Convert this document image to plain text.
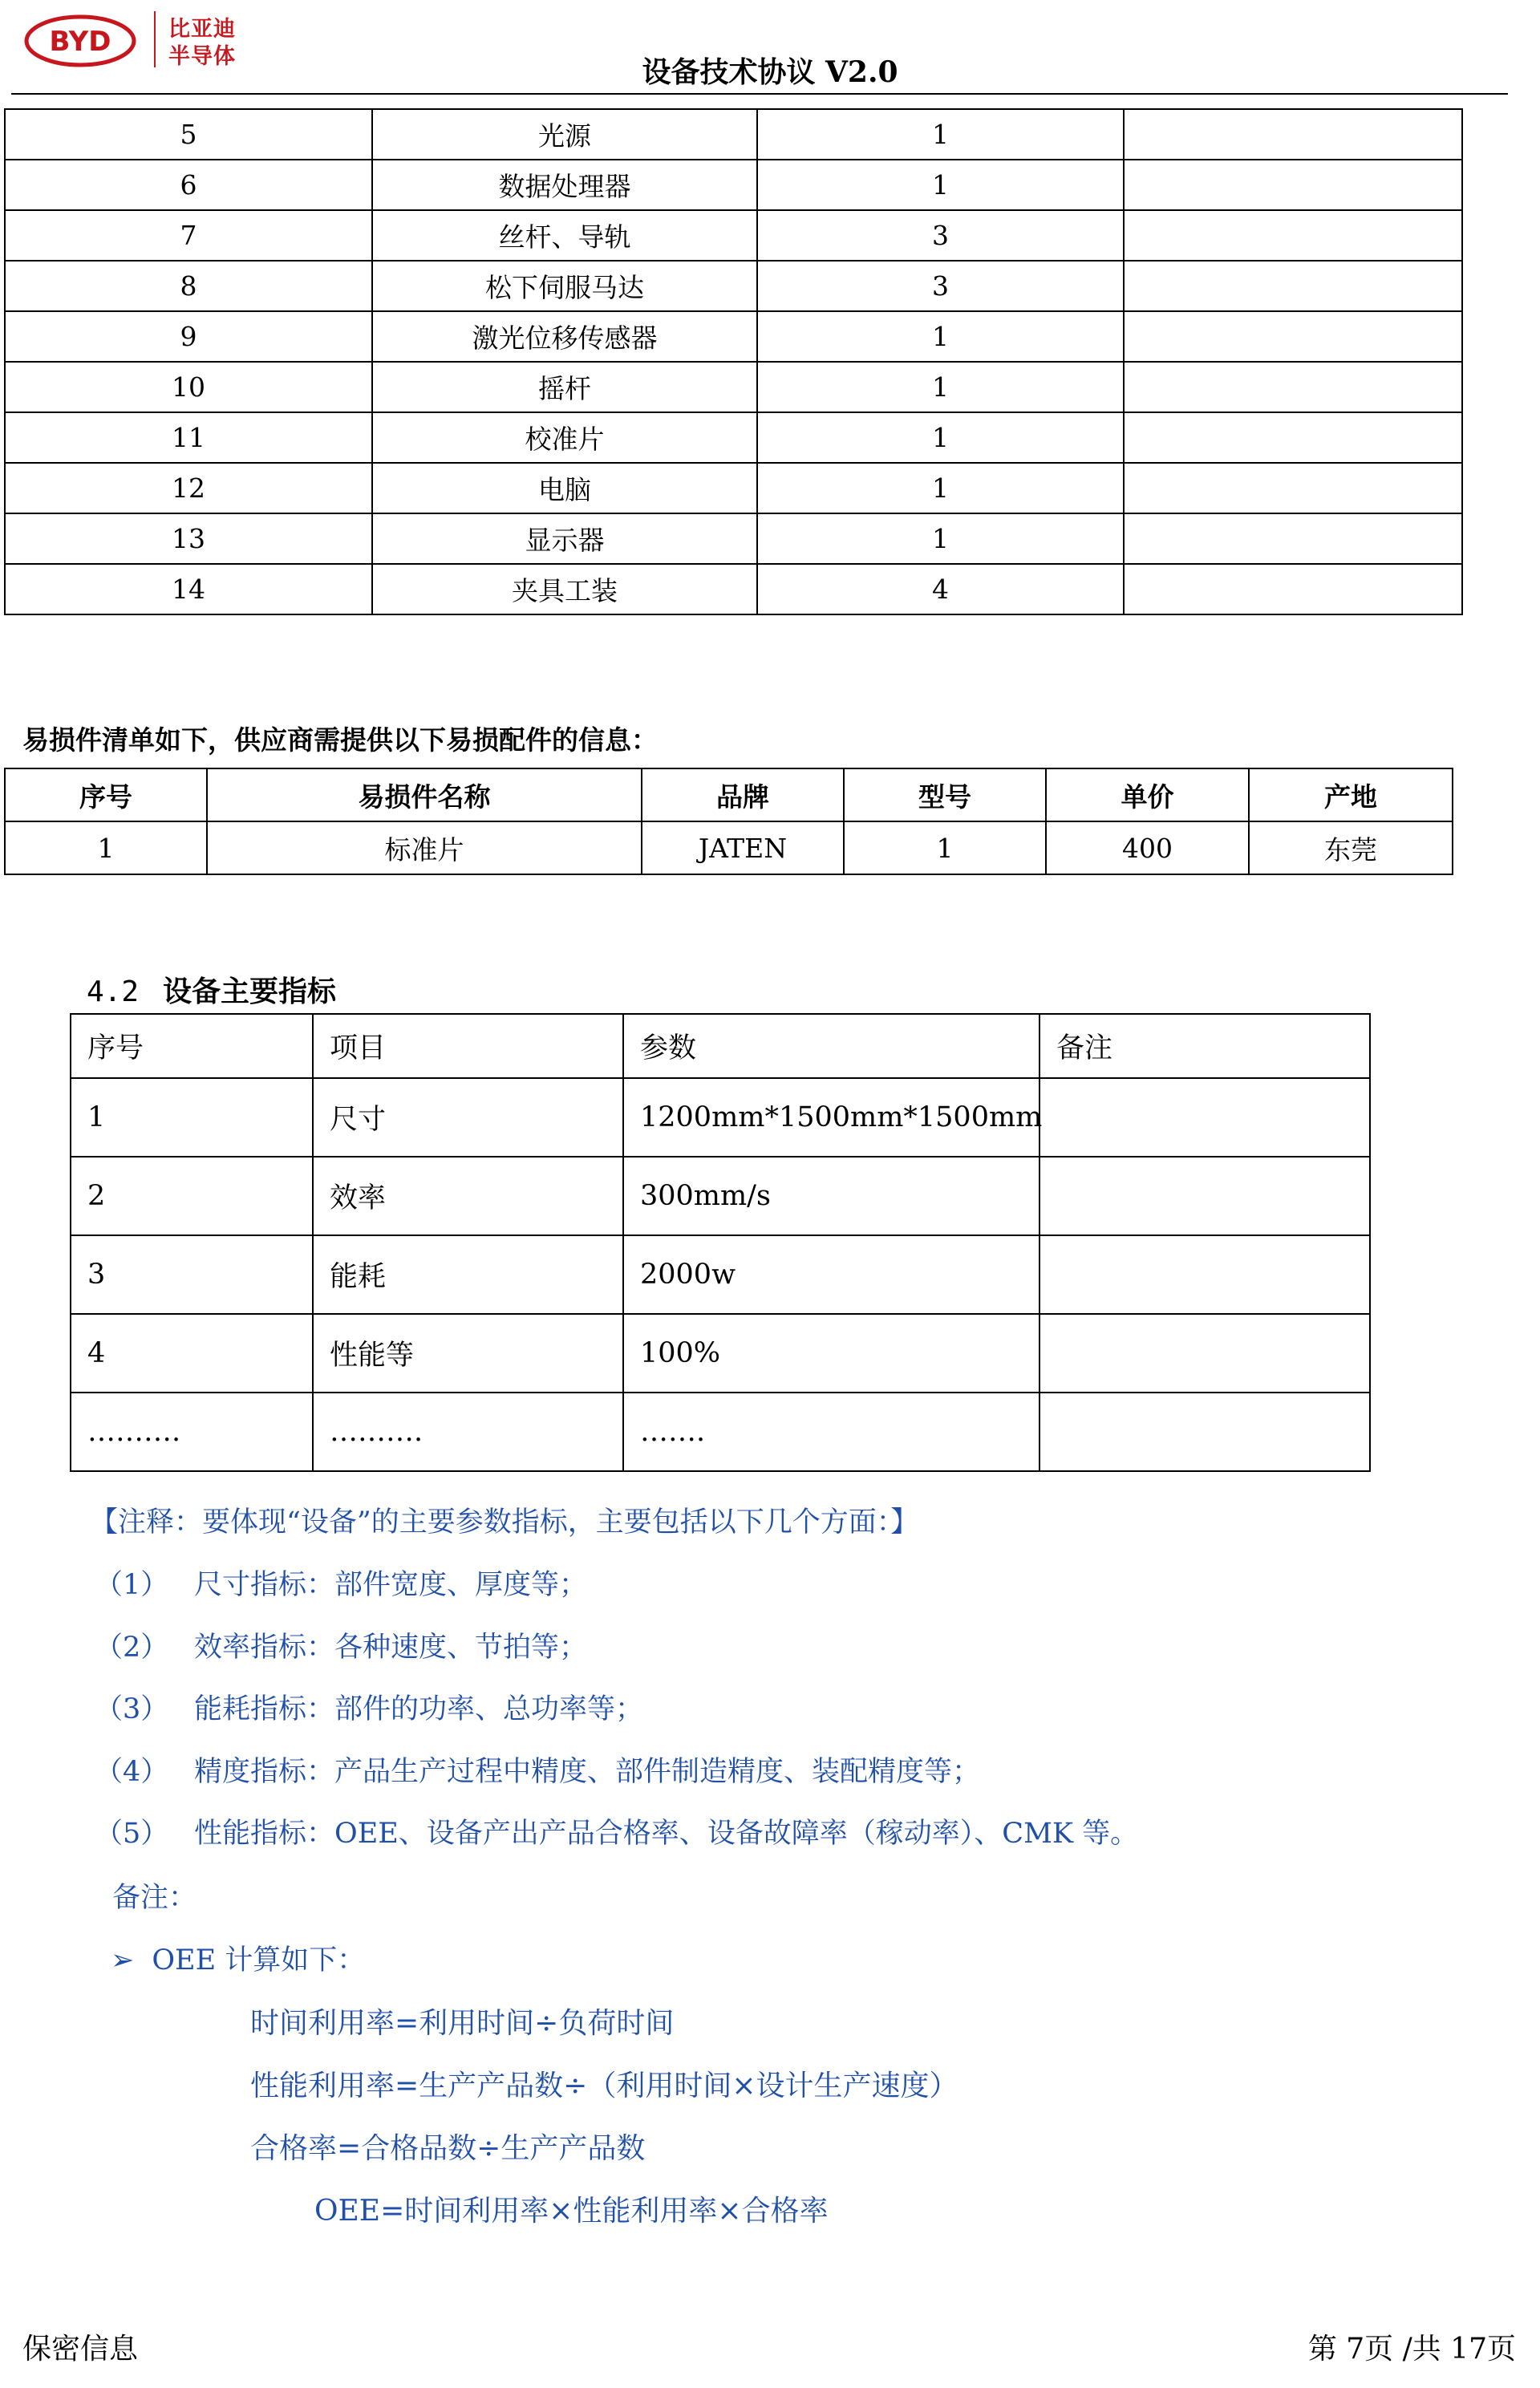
BYD	比亚迪
半导体	设备技术协议 V2.0
5	光源	1	
6	数据处理器	1	
7	丝杆、导轨	3	
8	松下伺服马达	3	
9	激光位移传感器	1	
10	摇杆	1	
11	校准片	1	
12	电脑	1	
13	显示器	1	
14	夹具工装	4	
易损件清单如下，供应商需提供以下易损配件的信息：
序号	易损件名称	品牌	型号	单价	产地
1	标准片	JATEN	1	400	东莞
4.2 设备主要指标
序号	项目	参数	备注
1	尺寸	1200mm*1500mm*1500mm	
2	效率	300mm/s	
3	能耗	2000w	
4	性能等	100%	
……….	……….	…….	
【注释：要体现“设备”的主要参数指标，主要包括以下几个方面：】
（1） 尺寸指标：部件宽度、厚度等；
（2） 效率指标：各种速度、节拍等；
（3） 能耗指标：部件的功率、总功率等；
（4） 精度指标：产品生产过程中精度、部件制造精度、装配精度等；
（5） 性能指标：OEE、设备产出产品合格率、设备故障率（稼动率）、CMK 等。
备注：
➢ OEE 计算如下：
时间利用率=利用时间÷负荷时间
性能利用率=生产产品数÷（利用时间×设计生产速度）
合格率=合格品数÷生产产品数
OEE=时间利用率×性能利用率×合格率
保密信息	第 7页 /共 17页
